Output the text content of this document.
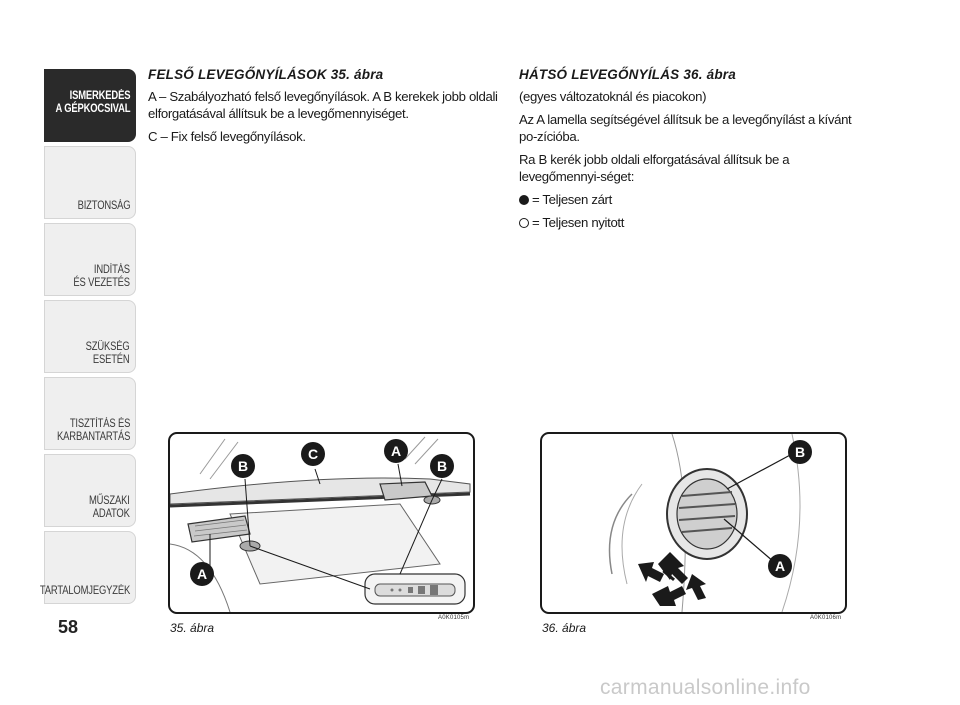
ISMERKEDÉS
A GÉPKOCSIVAL
BIZTONSÁG
INDÍTÁS
ÉS VEZETÉS
SZÜKSÉG
ESETÉN
TISZTÍTÁS ÉS
KARBANTARTÁS
MŰSZAKI
ADATOK
TARTALOMJEGYZÉK
58
FELSŐ LEVEGŐNYÍLÁSOK 35. ábra

A – Szabályozható felső levegőnyílások. A B kerekek jobb oldali elforgatásával állítsuk be a levegőmennyiséget.

C – Fix felső levegőnyílások.

HÁTSÓ LEVEGŐNYÍLÁS 36. ábra

(egyes változatoknál és piacokon)

Az A lamella segítségével állítsuk be a levegőnyílást a kívánt po-zícióba.

Ra B kerék jobb oldali elforgatásával állítsuk be a levegőmennyi-séget:

= Teljesen zárt

= Teljesen nyitott

B
C	A
B
A
35. ábra
A0K0105m
B
A
36. ábra
A0K0106m
carmanualsonline.info
